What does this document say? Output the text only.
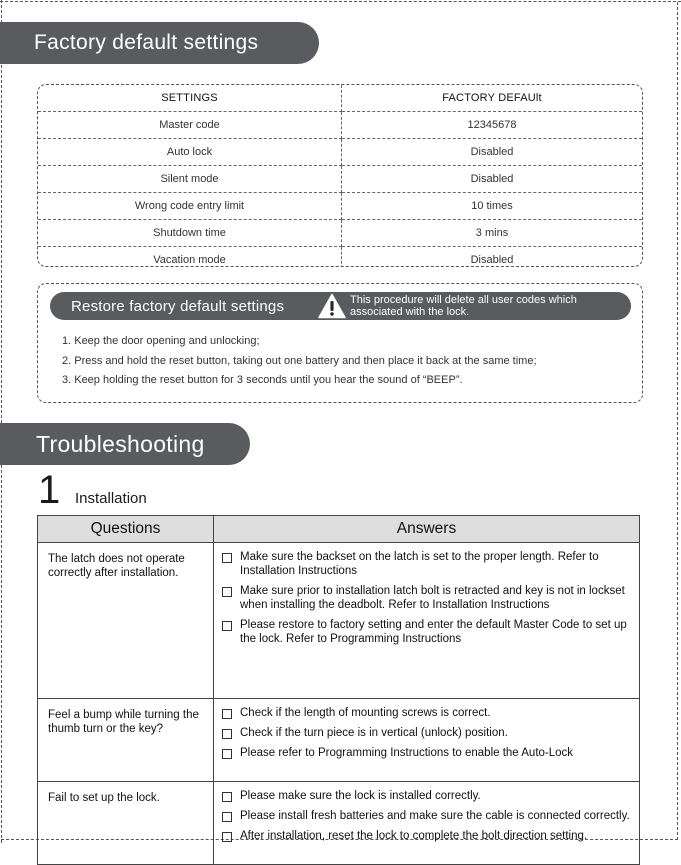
Factory default settings
SETTINGS	FACTORY DEFAUlt
Master code	12345678
Auto lock	Disabled
Silent mode	Disabled
Wrong code entry limit	10 times
Shutdown time	3 mins
Vacation mode	Disabled
Restore factory default settings	This procedure will delete all user codes which
associated with the lock.
1. Keep the door opening and unlocking;
2. Press and hold the reset button, taking out one battery and then place it back at the same time;
3. Keep holding the reset button for 3 seconds until you hear the sound of “BEEP”.
Troubleshooting
1 Installation
Questions	Answers
The latch does not operate correctly after installation.	Make sure the backset on the latch is set to the proper length. Refer to Installation Instructions
Make sure prior to installation latch bolt is retracted and key is not in lockset when installing the deadbolt. Refer to Installation Instructions
Please restore to factory setting and enter the default Master Code to set up the lock. Refer to Programming Instructions

Feel a bump while turning the thumb turn or the key?	Check if the length of mounting screws is correct.
Check if the turn piece is in vertical (unlock) position.
Please refer to Programming Instructions to enable the Auto-Lock

Fail to set up the lock.	Please make sure the lock is installed correctly.
Please install fresh batteries and make sure the cable is connected correctly.
After installation, reset the lock to complete the bolt direction setting.
